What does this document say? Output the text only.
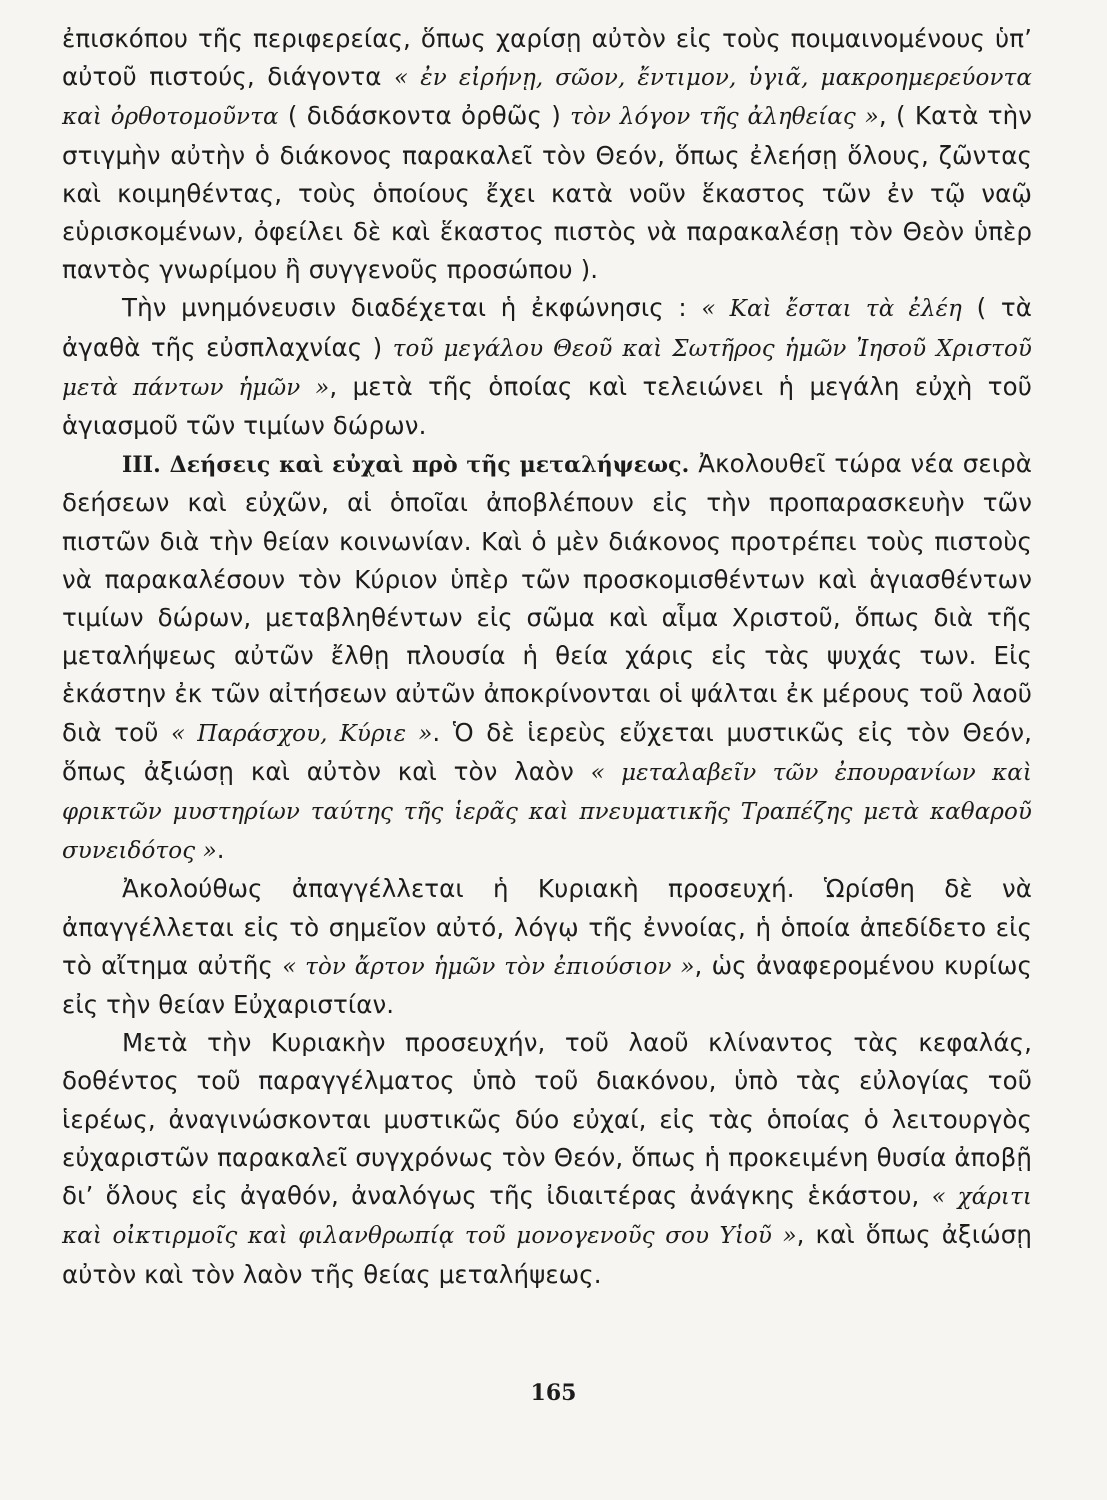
ἐπισκόπου τῆς περιφερείας, ὅπως χαρίσῃ αὐτὸν εἰς τοὺς ποιμαινομένους ὑπ’ αὐτοῦ πιστούς, διάγοντα « ἐν εἰρήνῃ, σῶον, ἔντιμον, ὑγιᾶ, μακροημερεύοντα καὶ ὀρθοτομοῦντα ( διδάσκοντα ὀρθῶς ) τὸν λόγον τῆς ἀληθείας », ( Κατὰ τὴν στιγμὴν αὐτὴν ὁ διάκονος παρακαλεῖ τὸν Θεόν, ὅπως ἐλεήσῃ ὅλους, ζῶντας καὶ κοιμηθέντας, τοὺς ὁποίους ἔχει κατὰ νοῦν ἕκαστος τῶν ἐν τῷ ναῷ εὑρισκομένων, ὀφείλει δὲ καὶ ἕκαστος πιστὸς νὰ παρακαλέσῃ τὸν Θεὸν ὑπὲρ παντὸς γνωρίμου ἢ συγγενοῦς προσώπου ).

Τὴν μνημόνευσιν διαδέχεται ἡ ἐκφώνησις : « Καὶ ἔσται τὰ ἐλέη ( τὰ ἀγαθὰ τῆς εὐσπλαχνίας ) τοῦ μεγάλου Θεοῦ καὶ Σωτῆρος ἡμῶν Ἰησοῦ Χριστοῦ μετὰ πάντων ἡμῶν », μετὰ τῆς ὁποίας καὶ τελειώνει ἡ μεγάλη εὐχὴ τοῦ ἁγιασμοῦ τῶν τιμίων δώρων.

III. Δεήσεις καὶ εὐχαὶ πρὸ τῆς μεταλήψεως. Ἀκολουθεῖ τώρα νέα σειρὰ δεήσεων καὶ εὐχῶν, αἱ ὁποῖαι ἀποβλέπουν εἰς τὴν προπαρασκευὴν τῶν πιστῶν διὰ τὴν θείαν κοινωνίαν. Καὶ ὁ μὲν διάκονος προτρέπει τοὺς πιστοὺς νὰ παρακαλέσουν τὸν Κύριον ὑπὲρ τῶν προσκομισθέντων καὶ ἁγιασθέντων τιμίων δώρων, μεταβληθέντων εἰς σῶμα καὶ αἷμα Χριστοῦ, ὅπως διὰ τῆς μεταλήψεως αὐτῶν ἔλθῃ πλουσία ἡ θεία χάρις εἰς τὰς ψυχάς των. Εἰς ἑκάστην ἐκ τῶν αἰτήσεων αὐτῶν ἀποκρίνονται οἱ ψάλται ἐκ μέρους τοῦ λαοῦ διὰ τοῦ « Παράσχου, Κύριε ». Ὁ δὲ ἱερεὺς εὔχεται μυστικῶς εἰς τὸν Θεόν, ὅπως ἀξιώσῃ καὶ αὐτὸν καὶ τὸν λαὸν « μεταλαβεῖν τῶν ἐπουρανίων καὶ φρικτῶν μυστηρίων ταύτης τῆς ἱερᾶς καὶ πνευματικῆς Τραπέζης μετὰ καθαροῦ συνειδότος ».

Ἀκολούθως ἀπαγγέλλεται ἡ Κυριακὴ προσευχή. Ὡρίσθη δὲ νὰ ἀπαγγέλλεται εἰς τὸ σημεῖον αὐτό, λόγῳ τῆς ἐννοίας, ἡ ὁποία ἀπεδίδετο εἰς τὸ αἴτημα αὐτῆς « τὸν ἄρτον ἡμῶν τὸν ἐπιούσιον », ὡς ἀναφερομένου κυρίως εἰς τὴν θείαν Εὐχαριστίαν.

Μετὰ τὴν Κυριακὴν προσευχήν, τοῦ λαοῦ κλίναντος τὰς κεφαλάς, δοθέντος τοῦ παραγγέλματος ὑπὸ τοῦ διακόνου, ὑπὸ τὰς εὐλογίας τοῦ ἱερέως, ἀναγινώσκονται μυστικῶς δύο εὐχαί, εἰς τὰς ὁποίας ὁ λειτουργὸς εὐχαριστῶν παρακαλεῖ συγχρόνως τὸν Θεόν, ὅπως ἡ προκειμένη θυσία ἀποβῇ δι’ ὅλους εἰς ἀγαθόν, ἀναλόγως τῆς ἰδιαιτέρας ἀνάγκης ἑκάστου, « χάριτι καὶ οἰκτιρμοῖς καὶ φιλανθρωπίᾳ τοῦ μονογενοῦς σου Υἱοῦ », καὶ ὅπως ἀξιώσῃ αὐτὸν καὶ τὸν λαὸν τῆς θείας μεταλήψεως.

165
